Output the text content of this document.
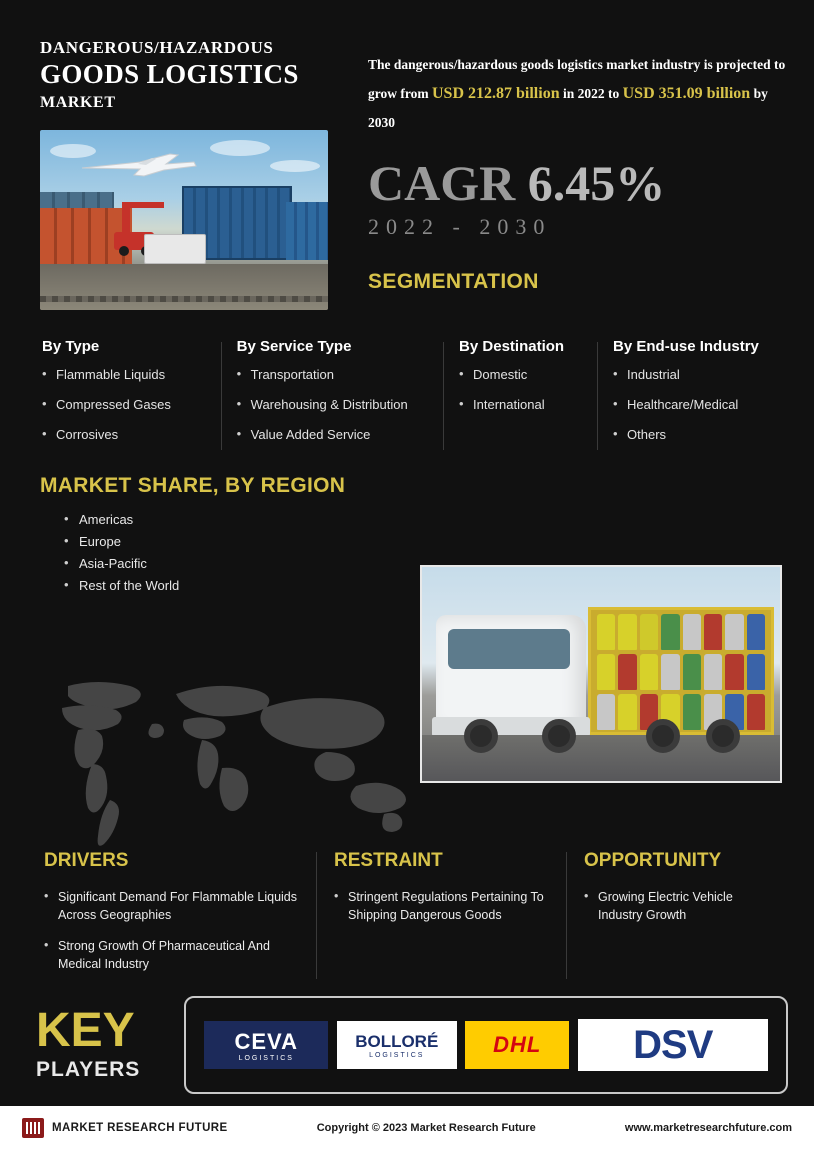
DANGEROUS/HAZARDOUS
GOODS LOGISTICS
MARKET
The dangerous/hazardous goods logistics market industry is projected to grow from USD 212.87 billion in 2022 to USD 351.09 billion by 2030
CAGR 6.45%
2022 - 2030
SEGMENTATION
By Type
• Flammable Liquids
• Compressed Gases
• Corrosives
By Service Type
• Transportation
• Warehousing & Distribution
• Value Added Service
By Destination
• Domestic
• International
By End-use Industry
• Industrial
• Healthcare/Medical
• Others
MARKET SHARE, BY REGION
• Americas
• Europe
• Asia-Pacific
• Rest of the World
DRIVERS
• Significant Demand For Flammable Liquids Across Geographies
• Strong Growth Of Pharmaceutical And Medical Industry
RESTRAINT
• Stringent Regulations Pertaining To Shipping Dangerous Goods
OPPORTUNITY
• Growing Electric Vehicle Industry Growth
KEY
PLAYERS
CEVA
LOGISTICS
BOLLORÉ
LOGISTICS	DHL DSV
MARKET RESEARCH FUTURE	Copyright © 2023 Market Research Future	www.marketresearchfuture.com
